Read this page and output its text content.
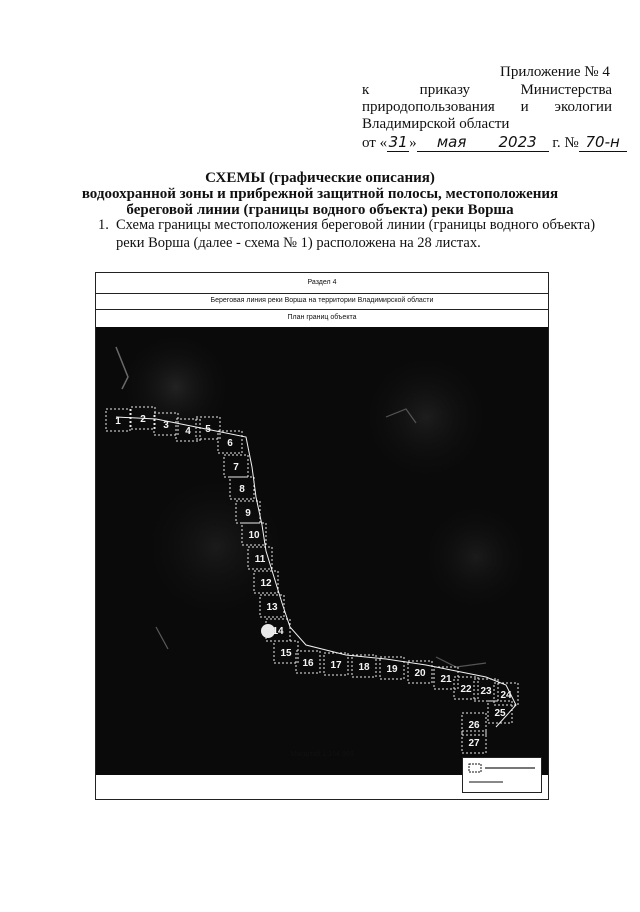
Приложение № 4
к	приказу	Министерства
природопользования и экологии
Владимирской области
от «31» мая 2023 г. № 70-н
СХЕМЫ (графические описания)
водоохранной зоны и прибрежной защитной полосы, местоположения
береговой линии (границы водного объекта) реки Ворша
1. Схема границы местоположения береговой линии (границы водного объекта) реки Ворша (далее - схема № 1) расположена на 28 листах.
Раздел 4
Береговая линия реки Ворша на территории Владимирской области
План границ объекта
1 2
3
4 5
6
7
8
9
10
11
12
13
14
15
16 17 18 19 20
21
22 23 24
25
26
27
Масштаб 1:164 990
